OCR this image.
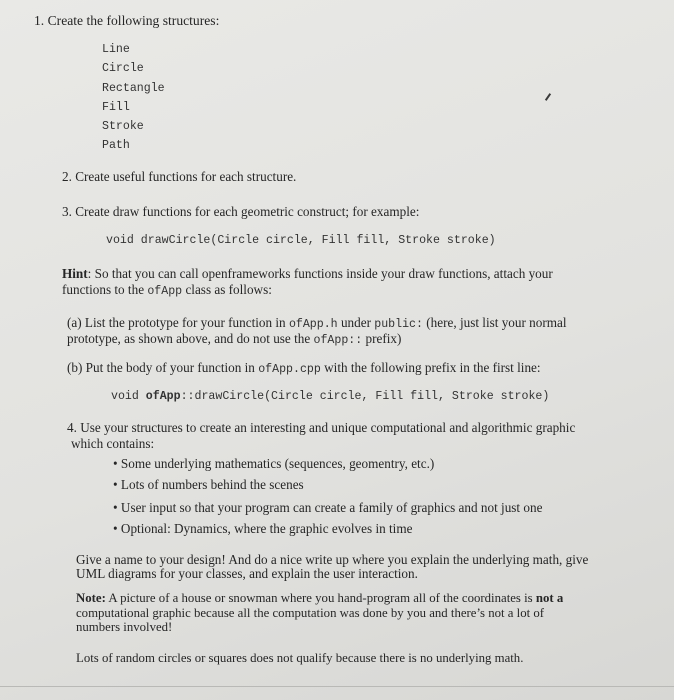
1. Create the following structures:
Line
Circle
Rectangle
Fill
Stroke
Path
2. Create useful functions for each structure.
3. Create draw functions for each geometric construct; for example:
void drawCircle(Circle circle, Fill fill, Stroke stroke)
Hint: So that you can call openframeworks functions inside your draw functions, attach your
functions to the ofApp class as follows:
(a) List the prototype for your function in ofApp.h under public: (here, just list your normal
prototype, as shown above, and do not use the ofApp:: prefix)
(b) Put the body of your function in ofApp.cpp with the following prefix in the first line:
void ofApp::drawCircle(Circle circle, Fill fill, Stroke stroke)
4. Use your structures to create an interesting and unique computational and algorithmic graphic
which contains:
• Some underlying mathematics (sequences, geomentry, etc.)
• Lots of numbers behind the scenes
• User input so that your program can create a family of graphics and not just one
• Optional: Dynamics, where the graphic evolves in time
Give a name to your design! And do a nice write up where you explain the underlying math, give
UML diagrams for your classes, and explain the user interaction.
Note: A picture of a house or snowman where you hand-program all of the coordinates is not a
computational graphic because all the computation was done by you and there’s not a lot of
numbers involved!
Lots of random circles or squares does not qualify because there is no underlying math.
